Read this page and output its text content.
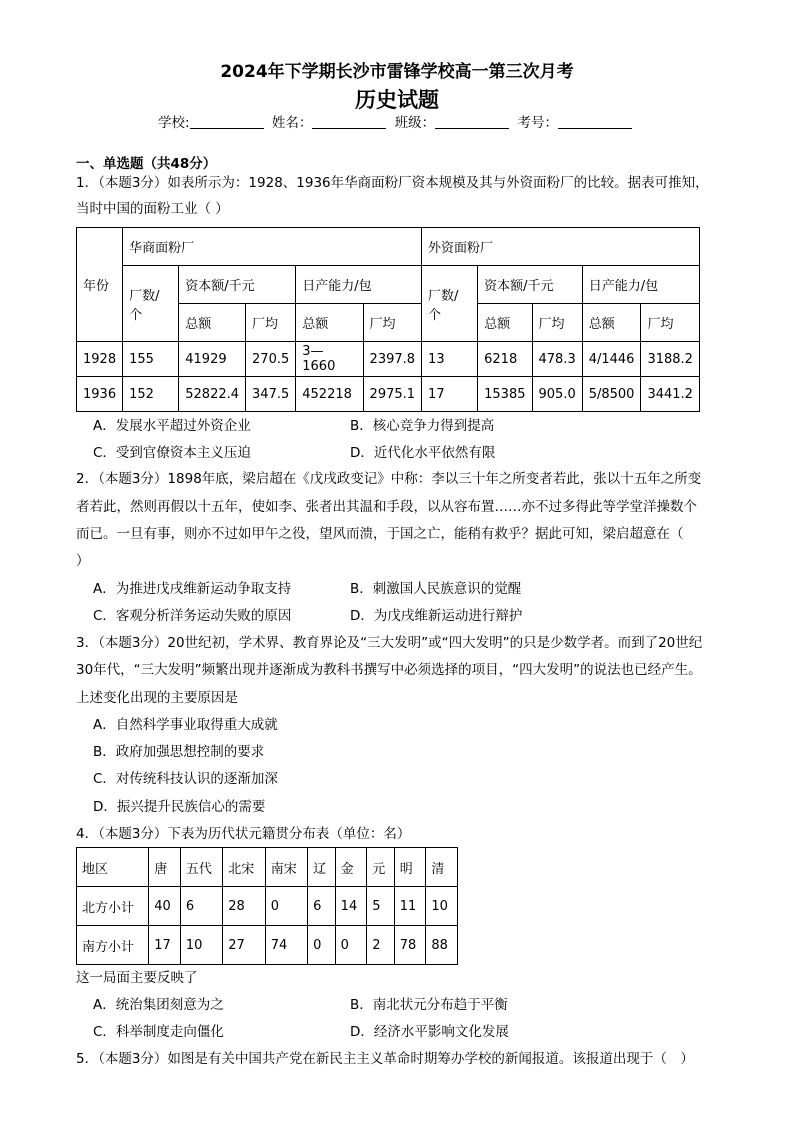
2024年下学期长沙市雷锋学校高一第三次月考
历史试题
学校:	姓名：	班级：	考号：
一、单选题（共48分）
1．（本题3分）如表所示为：1928、1936年华商面粉厂资本规模及其与外资面粉厂的比较。据表可推知，当时中国的面粉工业（ ）
年份	华商面粉厂					外资面粉厂				
	厂数/个	资本额/千元		日产能力/包		厂数/个	资本额/千元		日产能力/包	
		总额	厂均	总额	厂均		总额	厂均	总额	厂均
1928	155	41929	270.5	3—1660	2397.8	13	6218	478.3	4/1446	3188.2
1936	152	52822.4	347.5	452218	2975.1	17	15385	905.0	5/8500	3441.2
A．发展水平超过外资企业	B．核心竞争力得到提高
C．受到官僚资本主义压迫	D．近代化水平依然有限
2．（本题3分）1898年底，梁启超在《戊戌政变记》中称：李以三十年之所变者若此，张以十五年之所变
者若此，然则再假以十五年，使如李、张者出其温和手段，以从容布置……亦不过多得此等学堂洋操数个
而已。一旦有事，则亦不过如甲午之役，望风而溃，于国之亡，能稍有救乎？据此可知，梁启超意在（
）
A．为推进戊戌维新运动争取支持	B．刺激国人民族意识的觉醒
C．客观分析洋务运动失败的原因	D．为戊戌维新运动进行辩护
3．（本题3分）20世纪初，学术界、教育界论及“三大发明”或“四大发明”的只是少数学者。而到了20世纪
30年代，“三大发明”频繁出现并逐渐成为教科书撰写中必须选择的项目，“四大发明”的说法也已经产生。
上述变化出现的主要原因是
A．自然科学事业取得重大成就
B．政府加强思想控制的要求
C．对传统科技认识的逐渐加深
D．振兴提升民族信心的需要
4．（本题3分）下表为历代状元籍贯分布表（单位：名）
地区	唐	五代	北宋	南宋	辽	金	元	明	清
北方小计	40	6	28	0	6	14	5	11	10
南方小计	17	10	27	74	0	0	2	78	88
这一局面主要反映了
A．统治集团刻意为之	B．南北状元分布趋于平衡
C．科举制度走向僵化	D．经济水平影响文化发展
5．（本题3分）如图是有关中国共产党在新民主主义革命时期筹办学校的新闻报道。该报道出现于（　）
